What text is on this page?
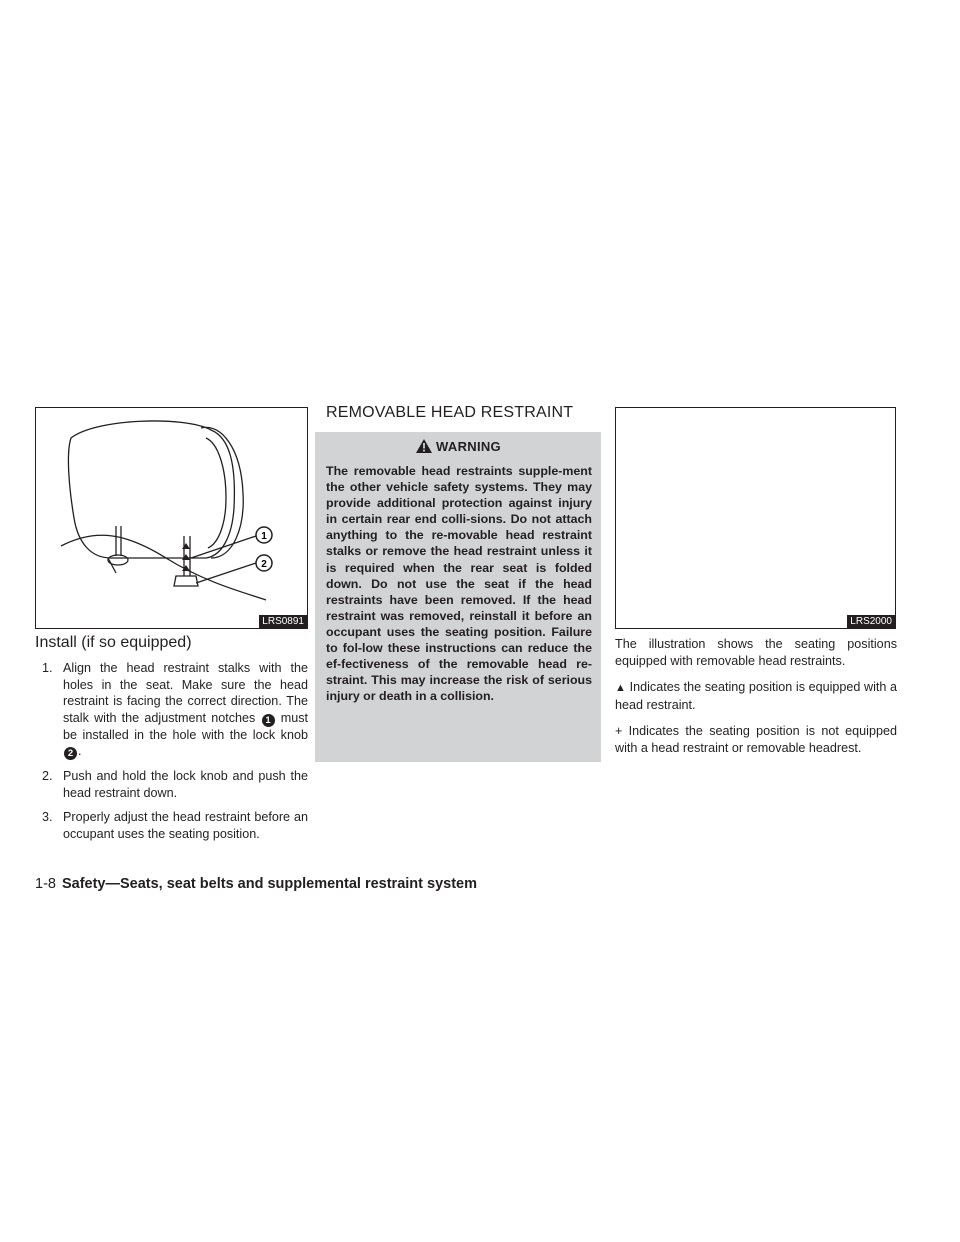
1
2
LRS0891
Install (if so equipped)
1. Align the head restraint stalks with the holes in the seat. Make sure the head restraint is facing the correct direction. The stalk with the adjustment notches 1 must be installed in the hole with the lock knob 2 .
2. Push and hold the lock knob and push the head restraint down.
3. Properly adjust the head restraint before an occupant uses the seating position.
REMOVABLE HEAD RESTRAINT
WARNING

The removable head restraints supple-ment the other vehicle safety systems. They may provide additional protection against injury in certain rear end colli-sions. Do not attach anything to the re-movable head restraint stalks or remove the head restraint unless it is required when the rear seat is folded down. Do not use the seat if the head restraints have been removed. If the head restraint was removed, reinstall it before an occupant uses the seating position. Failure to fol-low these instructions can reduce the ef-fectiveness of the removable head re-straint. This may increase the risk of serious injury or death in a collision.

LRS2000

The illustration shows the seating positions equipped with removable head restraints.

▲ Indicates the seating position is equipped with a head restraint.

+ Indicates the seating position is not equipped with a head restraint or removable headrest.

1-8 Safety—Seats, seat belts and supplemental restraint system
